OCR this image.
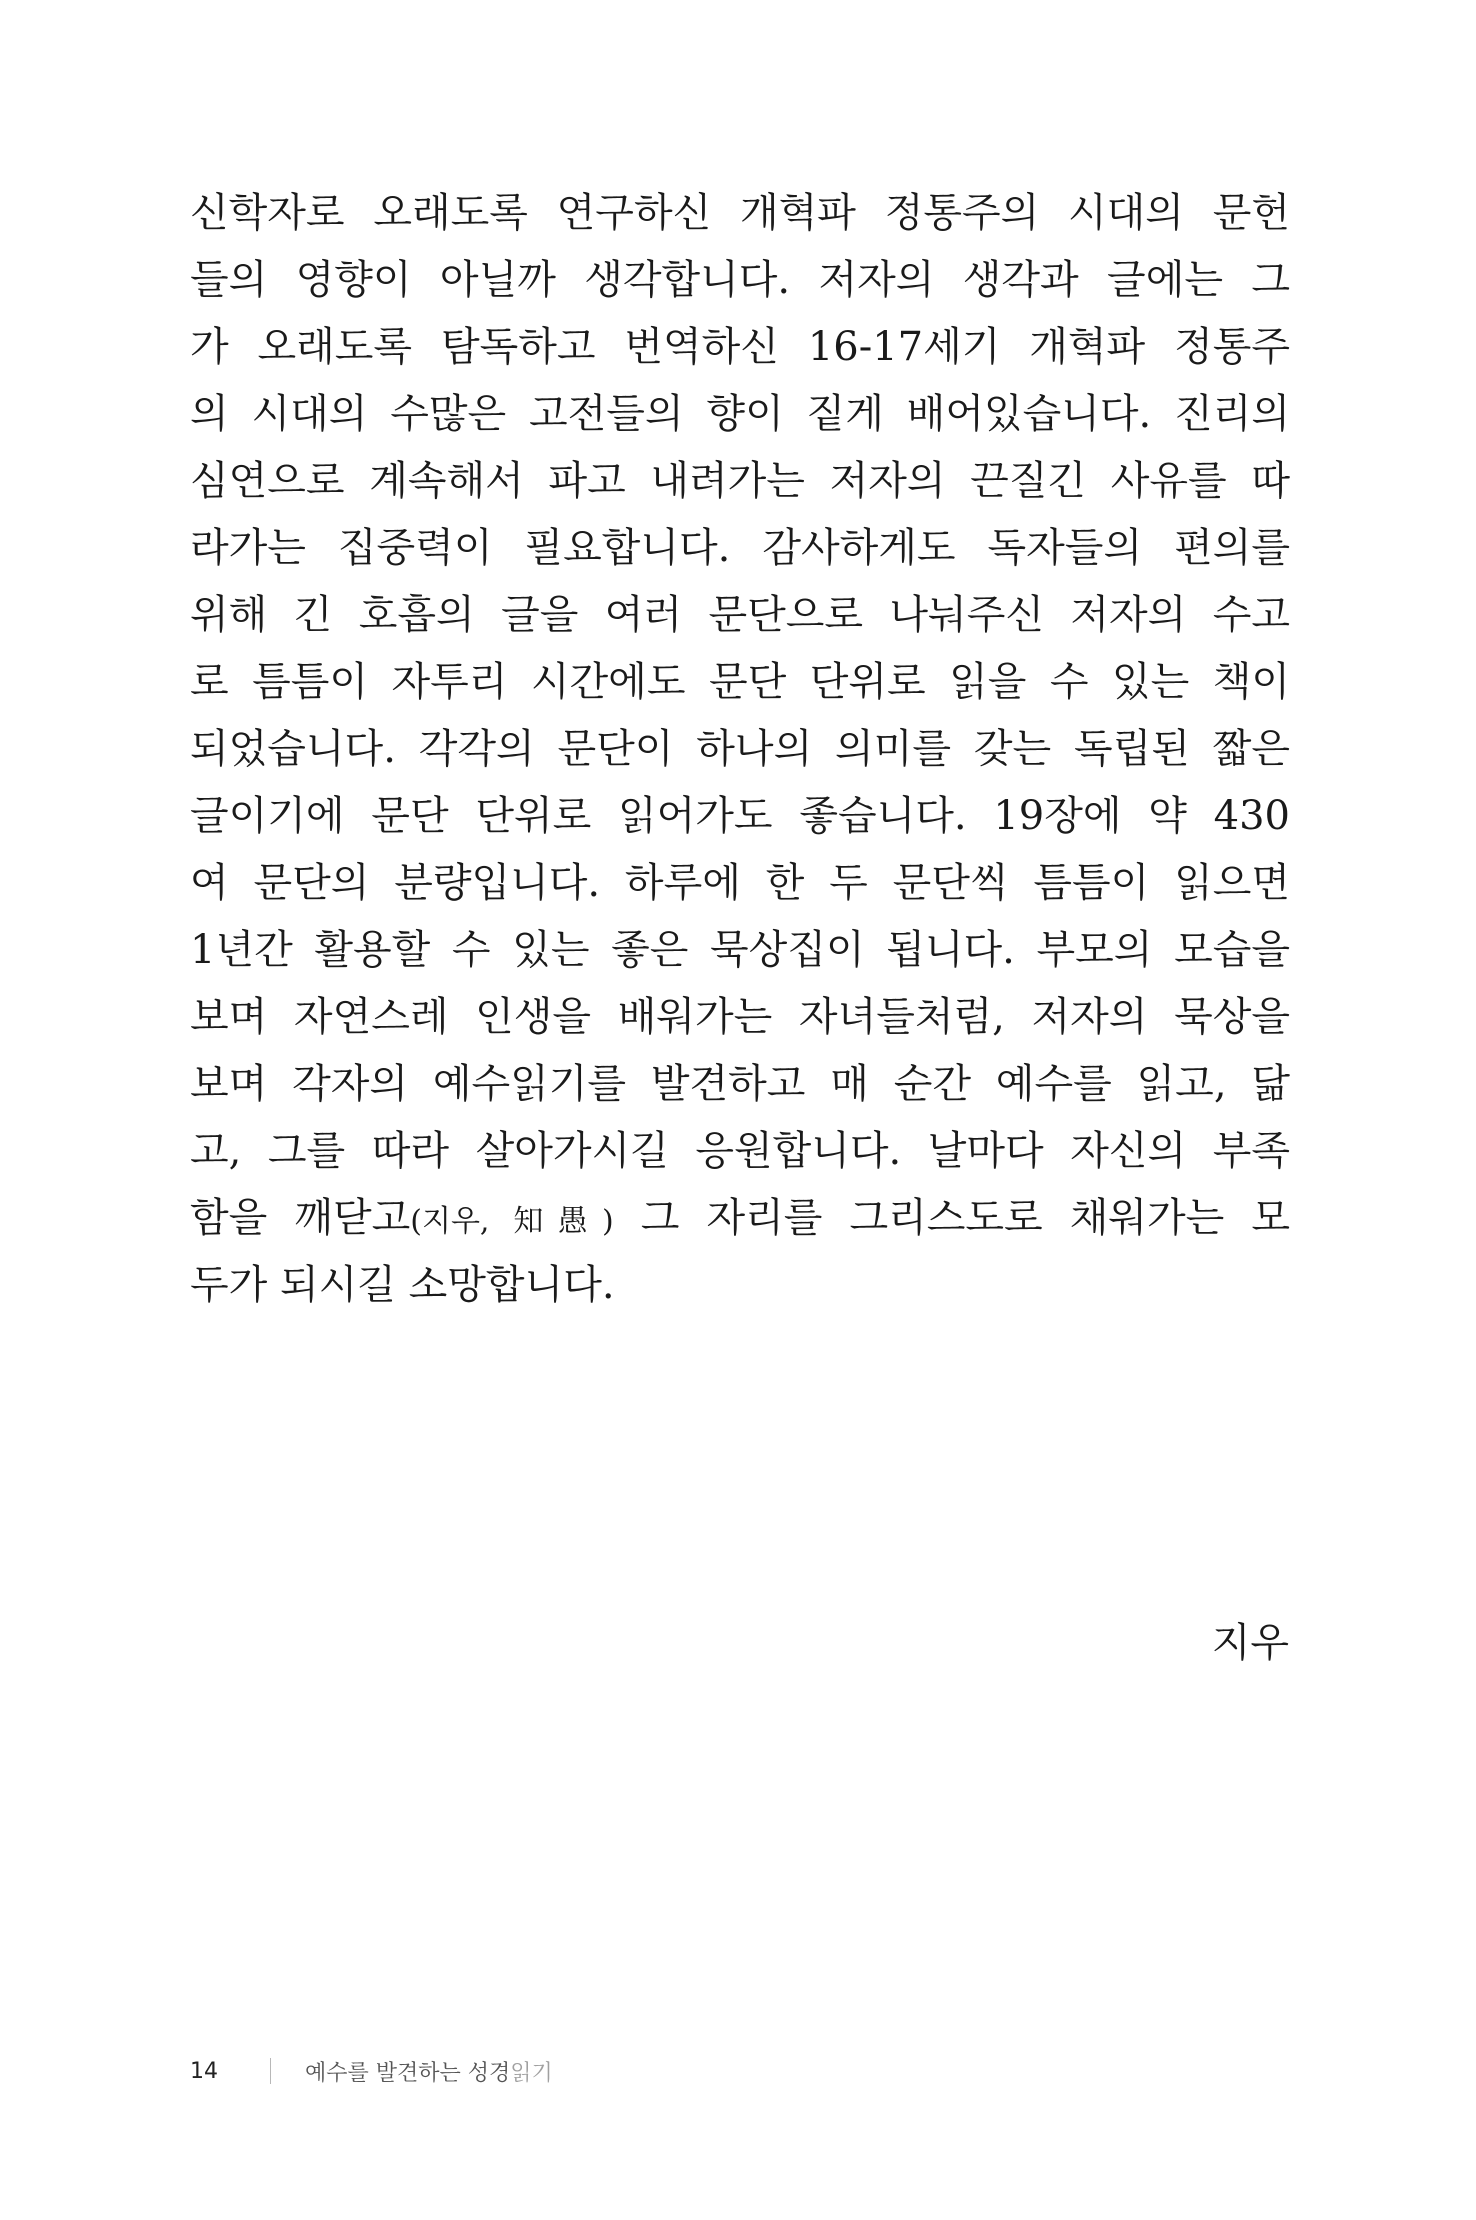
신학자로 오래도록 연구하신 개혁파 정통주의 시대의 문헌
들의 영향이 아닐까 생각합니다. 저자의 생각과 글에는 그
가 오래도록 탐독하고 번역하신 16-17세기 개혁파 정통주
의 시대의 수많은 고전들의 향이 짙게 배어있습니다. 진리의
심연으로 계속해서 파고 내려가는 저자의 끈질긴 사유를 따
라가는 집중력이 필요합니다. 감사하게도 독자들의 편의를
위해 긴 호흡의 글을 여러 문단으로 나눠주신 저자의 수고
로 틈틈이 자투리 시간에도 문단 단위로 읽을 수 있는 책이
되었습니다. 각각의 문단이 하나의 의미를 갖는 독립된 짧은
글이기에 문단 단위로 읽어가도 좋습니다. 19장에 약 430
여 문단의 분량입니다. 하루에 한 두 문단씩 틈틈이 읽으면
1년간 활용할 수 있는 좋은 묵상집이 됩니다. 부모의 모습을
보며 자연스레 인생을 배워가는 자녀들처럼, 저자의 묵상을
보며 각자의 예수읽기를 발견하고 매 순간 예수를 읽고, 닮
고, 그를 따라 살아가시길 응원합니다. 날마다 자신의 부족
함을 깨닫고(지우, 知愚) 그 자리를 그리스도로 채워가는 모
두가 되시길 소망합니다.
지우
14	예수를 발견하는 성경 읽기
